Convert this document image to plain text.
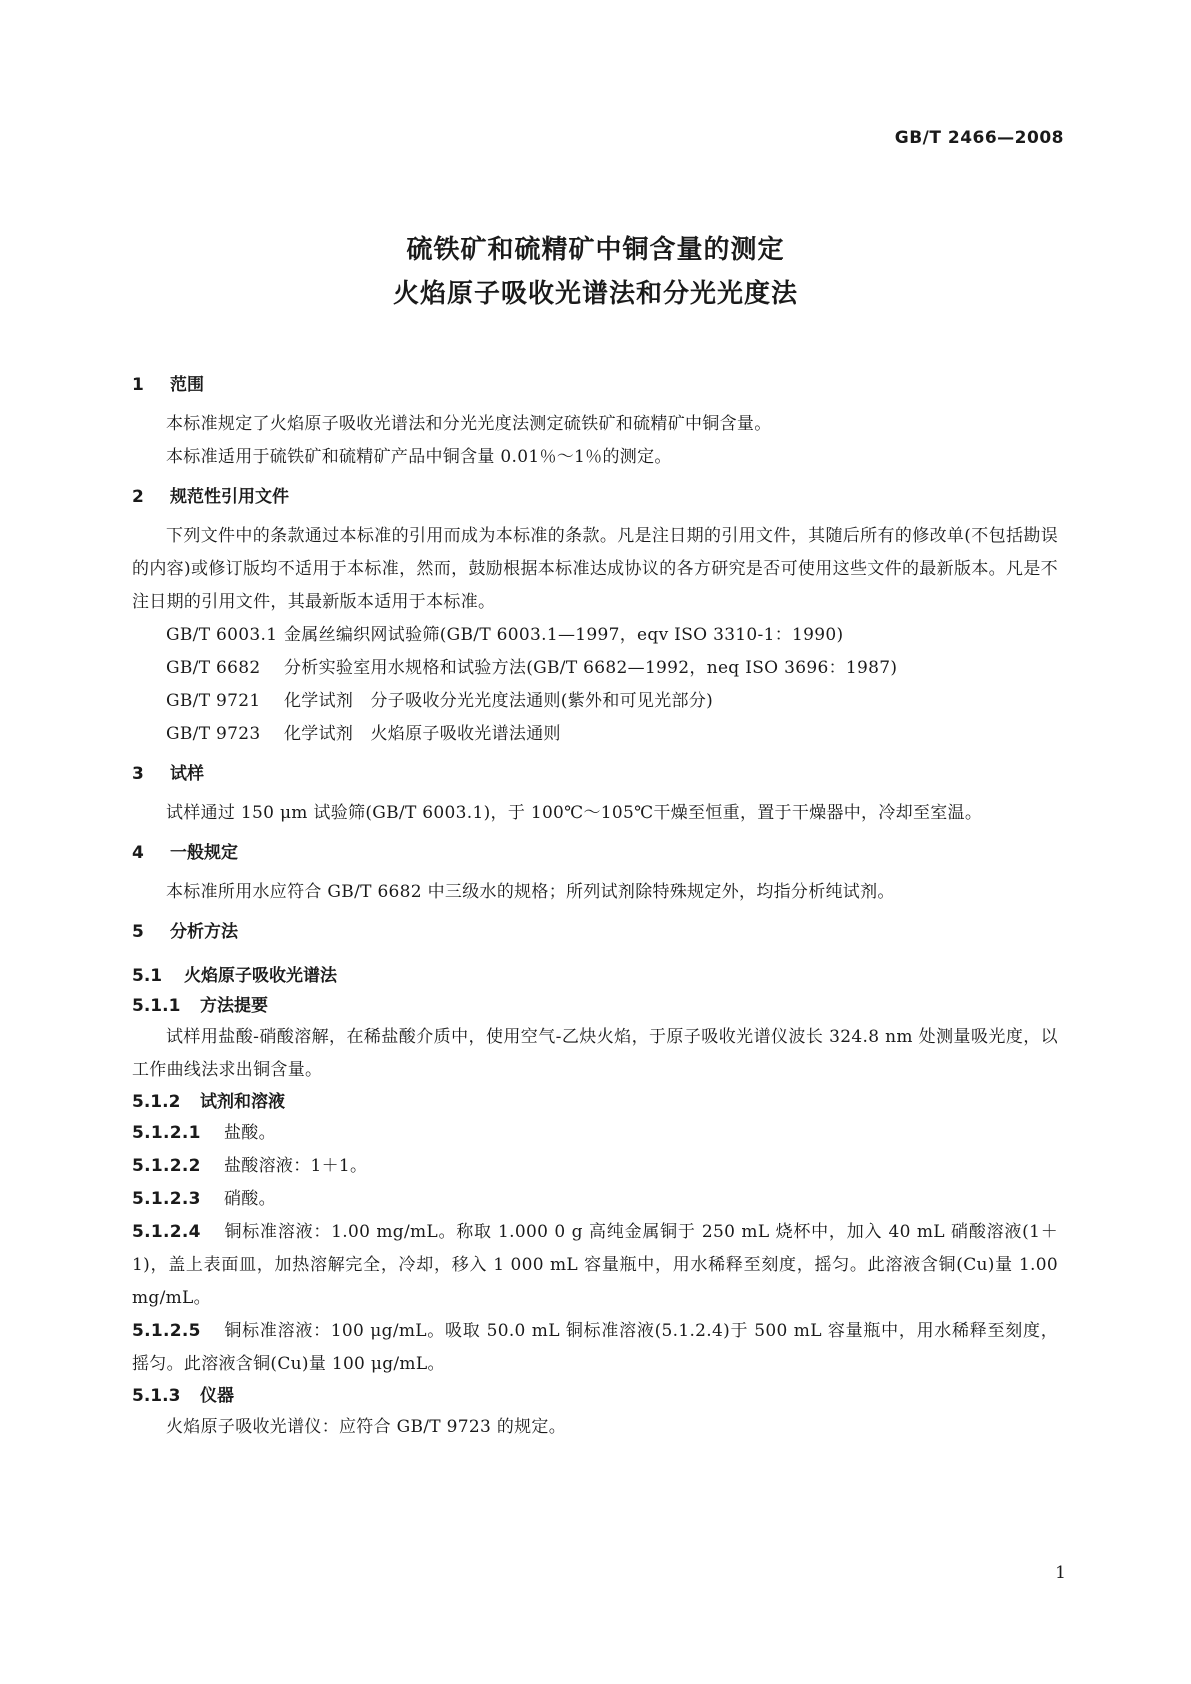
GB/T 2466—2008
硫铁矿和硫精矿中铜含量的测定
火焰原子吸收光谱法和分光光度法
1 范围
本标准规定了火焰原子吸收光谱法和分光光度法测定硫铁矿和硫精矿中铜含量。
本标准适用于硫铁矿和硫精矿产品中铜含量 0.01％～1％的测定。
2 规范性引用文件
下列文件中的条款通过本标准的引用而成为本标准的条款。凡是注日期的引用文件，其随后所有的修改单(不包括勘误的内容)或修订版均不适用于本标准，然而，鼓励根据本标准达成协议的各方研究是否可使用这些文件的最新版本。凡是不注日期的引用文件，其最新版本适用于本标准。
GB/T 6003.1 金属丝编织网试验筛(GB/T 6003.1—1997，eqv ISO 3310-1：1990)
GB/T 6682 分析实验室用水规格和试验方法(GB/T 6682—1992，neq ISO 3696：1987)
GB/T 9721 化学试剂　分子吸收分光光度法通则(紫外和可见光部分)
GB/T 9723 化学试剂　火焰原子吸收光谱法通则
3 试样
试样通过 150 μm 试验筛(GB/T 6003.1)，于 100℃～105℃干燥至恒重，置于干燥器中，冷却至室温。
4 一般规定
本标准所用水应符合 GB/T 6682 中三级水的规格；所列试剂除特殊规定外，均指分析纯试剂。
5 分析方法
5.1 火焰原子吸收光谱法
5.1.1 方法提要
试样用盐酸-硝酸溶解，在稀盐酸介质中，使用空气-乙炔火焰，于原子吸收光谱仪波长 324.8 nm 处测量吸光度，以工作曲线法求出铜含量。
5.1.2 试剂和溶液
5.1.2.1 盐酸。
5.1.2.2 盐酸溶液：1＋1。
5.1.2.3 硝酸。
5.1.2.4 铜标准溶液：1.00 mg/mL。称取 1.000 0 g 高纯金属铜于 250 mL 烧杯中，加入 40 mL 硝酸溶液(1＋1)，盖上表面皿，加热溶解完全，冷却，移入 1 000 mL 容量瓶中，用水稀释至刻度，摇匀。此溶液含铜(Cu)量 1.00 mg/mL。
5.1.2.5 铜标准溶液：100 μg/mL。吸取 50.0 mL 铜标准溶液(5.1.2.4)于 500 mL 容量瓶中，用水稀释至刻度，摇匀。此溶液含铜(Cu)量 100 μg/mL。
5.1.3 仪器
火焰原子吸收光谱仪：应符合 GB/T 9723 的规定。
1
